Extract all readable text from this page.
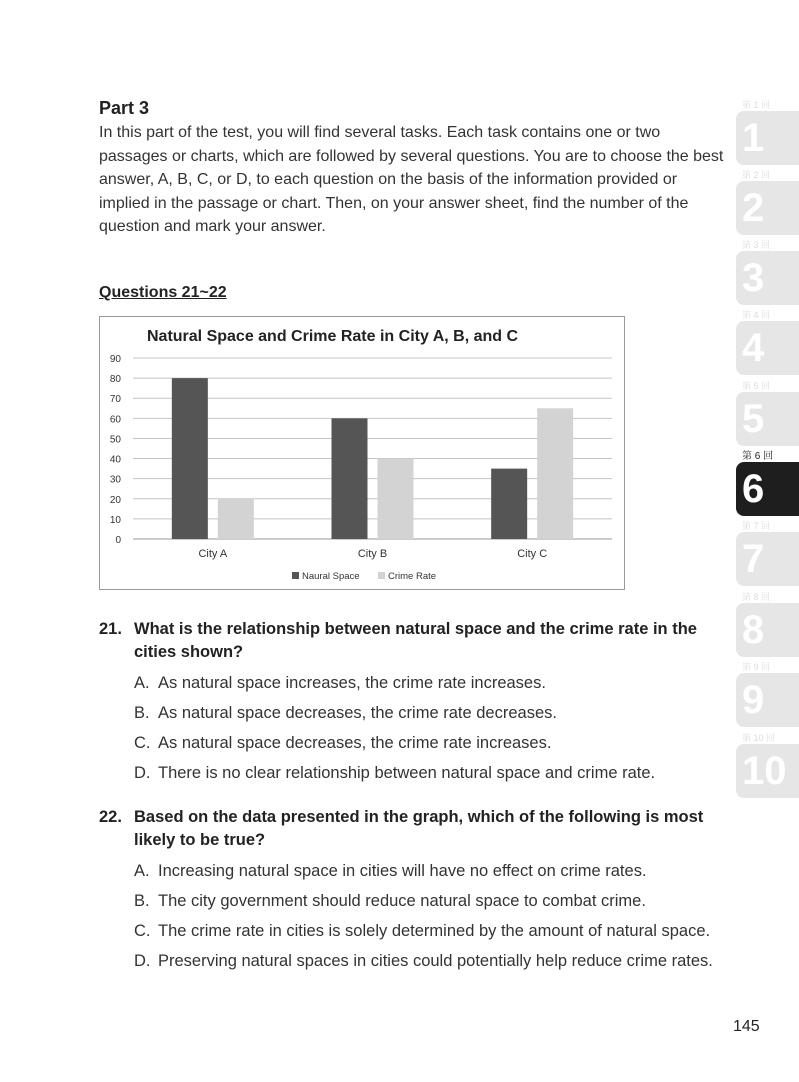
Part 3

In this part of the test, you will find several tasks. Each task contains one or two passages or charts, which are followed by several questions. You are to choose the best answer, A, B, C, or D, to each question on the basis of the information provided or implied in the passage or chart. Then, on your answer sheet, find the number of the question and mark your answer.

Questions 21~22
Natural Space and Crime Rate in City A, B, and C
0
10
20
30
40
50
60
70
80
90
City A	City B	City C
Naural Space	Crime Rate
21. What is the relationship between natural space and the crime rate in the cities shown?
A. As natural space increases, the crime rate increases.
B. As natural space decreases, the crime rate decreases.
C. As natural space decreases, the crime rate increases.
D. There is no clear relationship between natural space and crime rate.
22. Based on the data presented in the graph, which of the following is most likely to be true?
A. Increasing natural space in cities will have no effect on crime rates.
B. The city government should reduce natural space to combat crime.
C. The crime rate in cities is solely determined by the amount of natural space.
D. Preserving natural spaces in cities could potentially help reduce crime rates.
145
第 1 回
1
第 2 回
2
第 3 回
3
第 4 回
4
第 5 回
5
第 6 回
6
第 7 回
7
第 8 回
8
第 9 回
9
第 10 回
10
